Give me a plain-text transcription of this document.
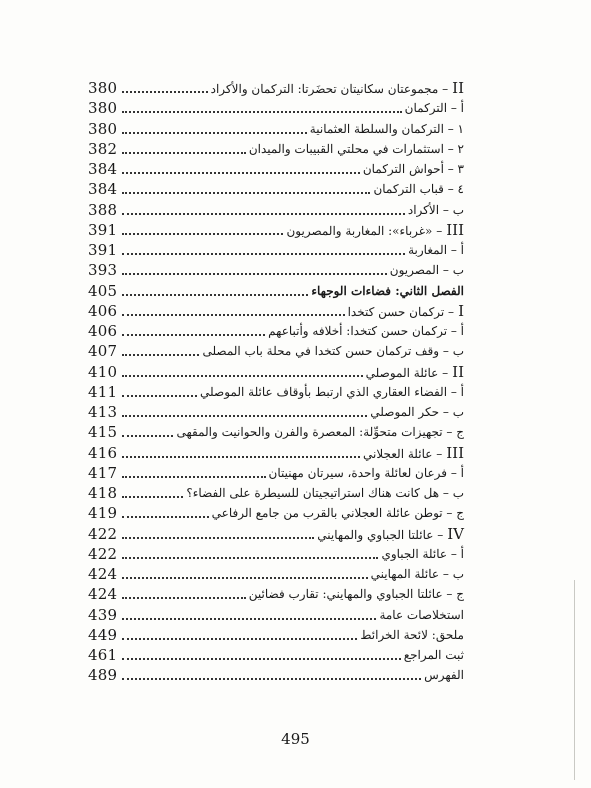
380	II– مجموعتان سكانيتان تحضَرتا: التركمان والأكراد
380	أ – التركمان
380	١ – التركمان والسلطة العثمانية
382	٢ – استثمارات في محلتي القبيبات والميدان
384	٣ – أحواش التركمان
384	٤ – قباب التركمان
388	ب – الأكراد
391	III– «غرباء»: المغاربة والمصريون
391	أ – المغاربة
393	ب – المصريون
405	الفصل الثاني: فضاءات الوجهاء
406	I– تركمان حسن كتخدا
406	أ – تركمان حسن كتخدا: أخلافه وأتباعهم
407	ب – وقف تركمان حسن كتخدا في محلة باب المصلى
410	II– عائلة الموصلي
411	أ – الفضاء العقاري الذي ارتبط بأوقاف عائلة الموصلي
413	ب – حكر الموصلي
415	ج – تجهيزات متحوِّلة: المعصرة والفرن والحوانيت والمقهى
416	III– عائلة العجلاني
417	أ – فرعان لعائلة واحدة، سيرتان مهنيتان
418	ب – هل كانت هناك استراتيجيتان للسيطرة على الفضاء؟
419	ج – توطن عائلة العجلاني بالقرب من جامع الرفاعي
422	IV– عائلتا الجباوي والمهايني
422	أ – عائلة الجباوي
424	ب – عائلة المهايني
424	ج – عائلتا الجباوي والمهايني: تقارب فضائين
439	استخلاصات عامة
449	ملحق: لائحة الخرائط
461	ثبت المراجع
489	الفهرس
495
